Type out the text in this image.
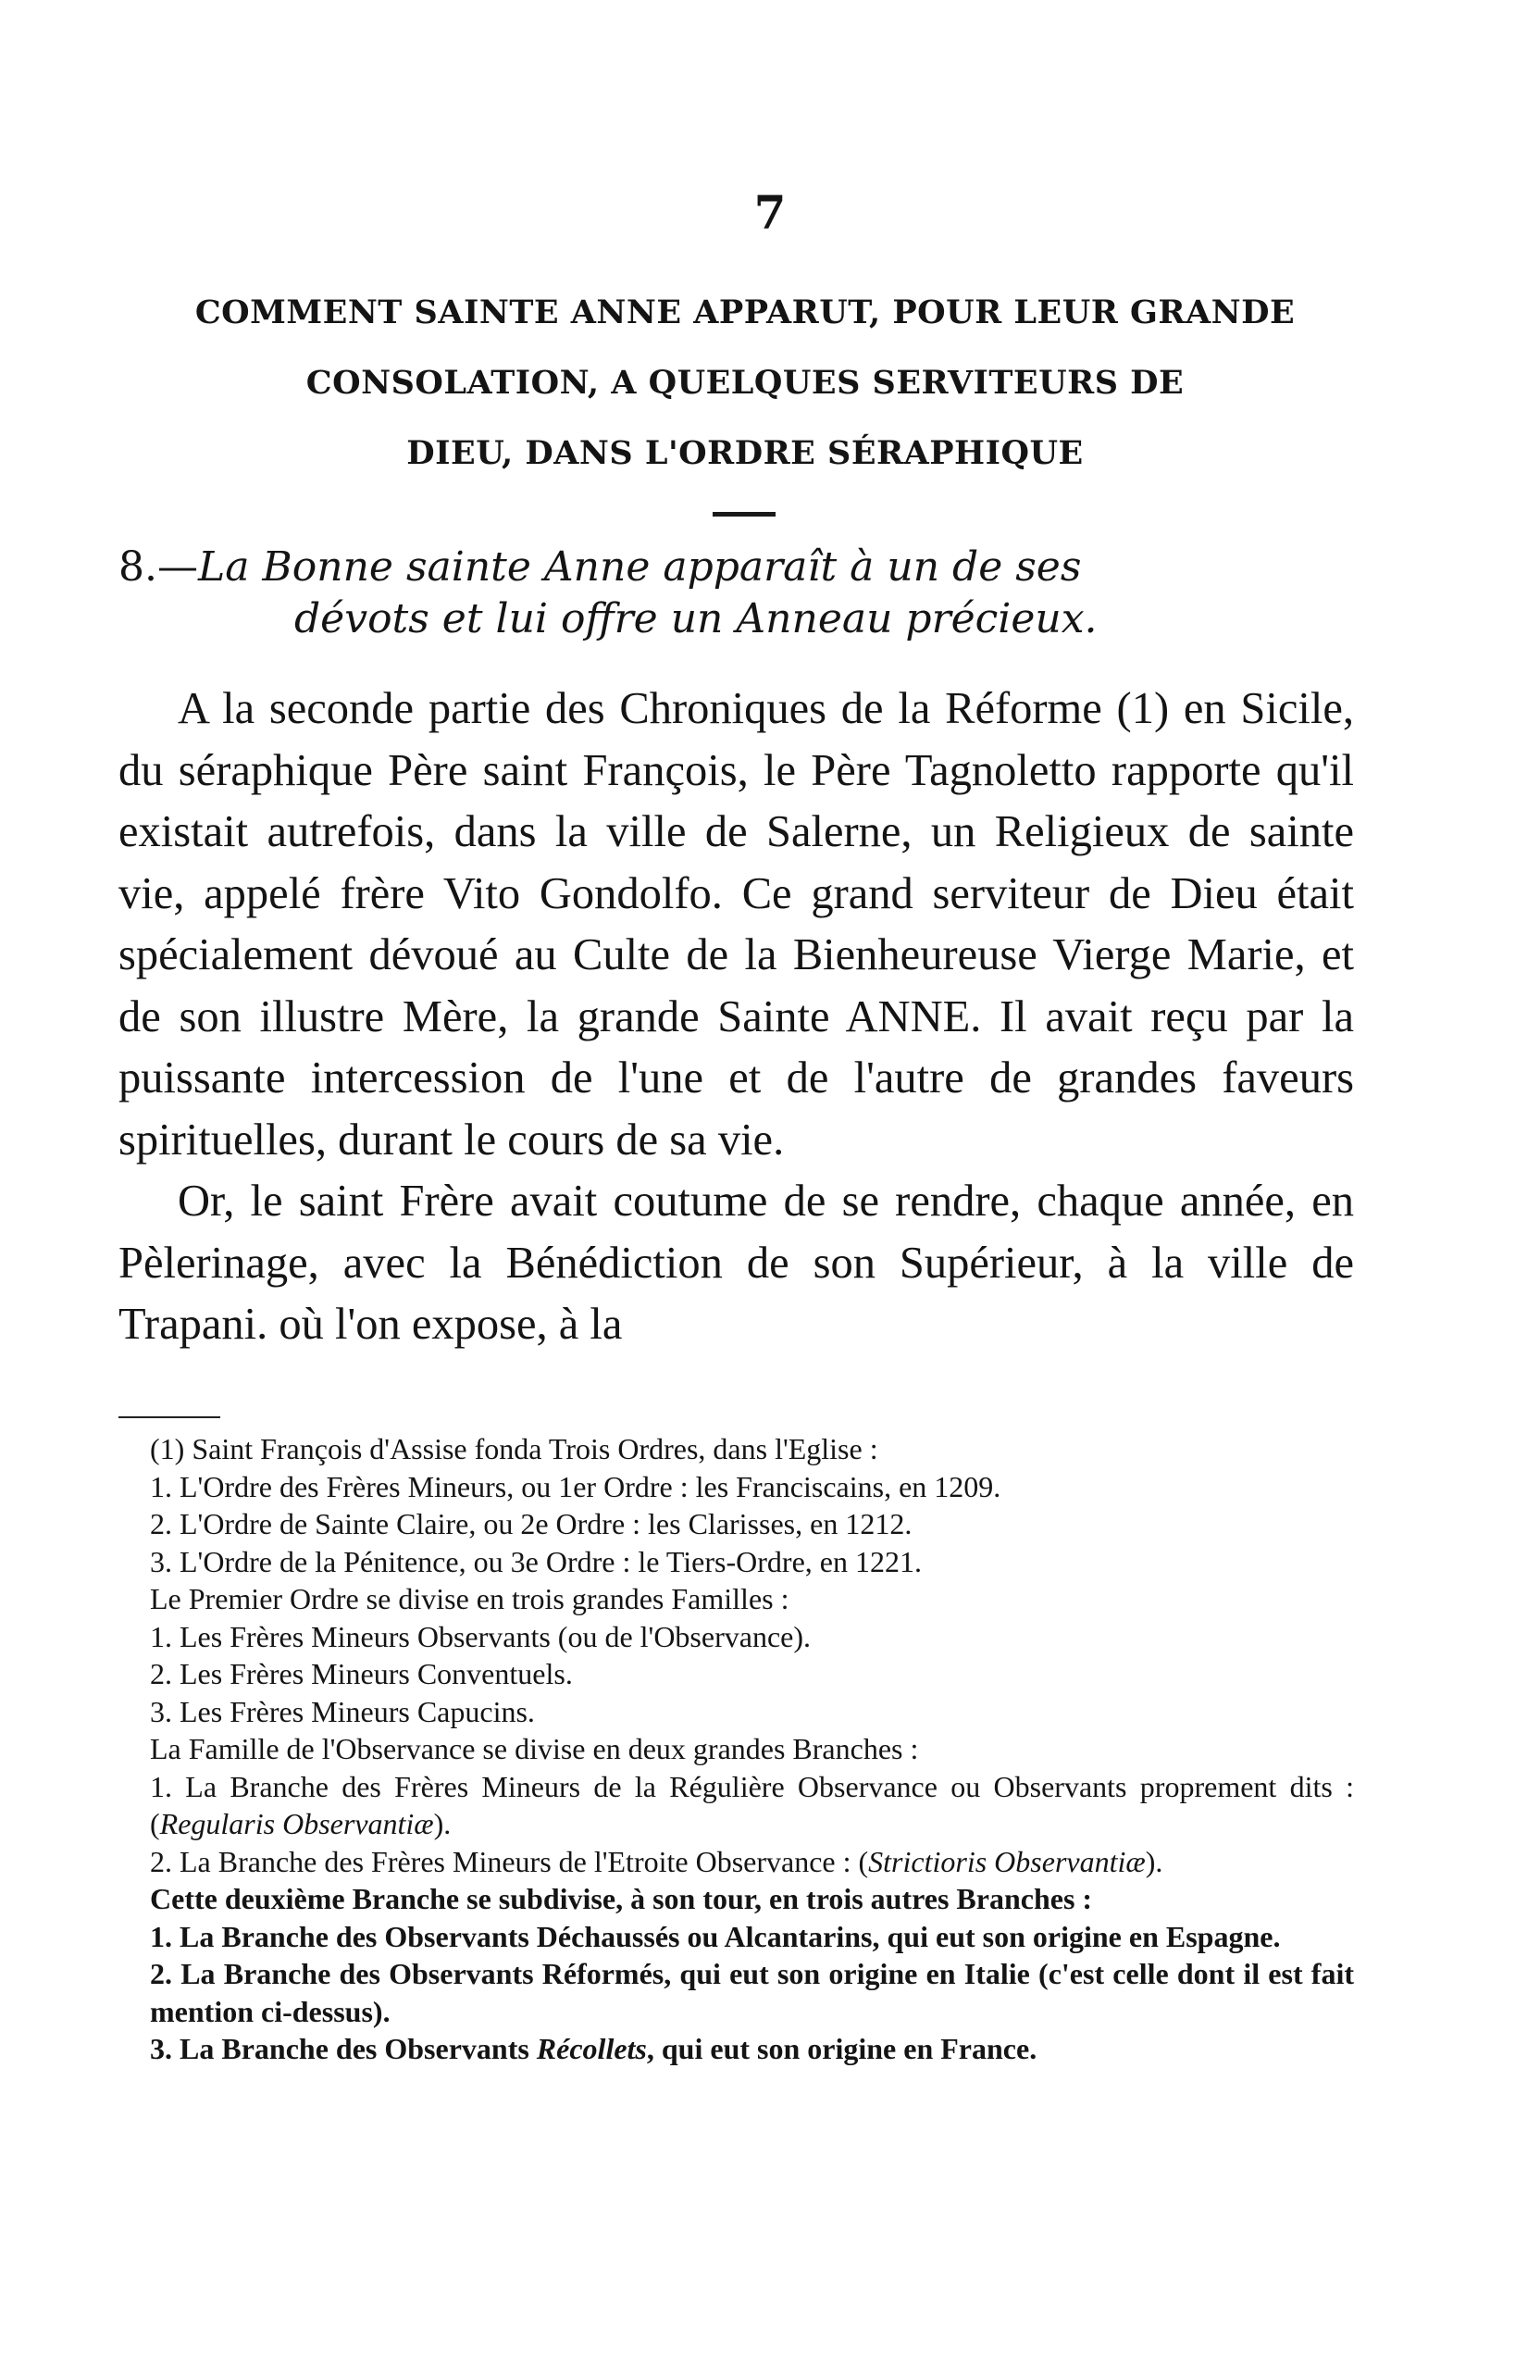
7
COMMENT SAINTE ANNE APPARUT, POUR LEUR GRANDE
CONSOLATION, A QUELQUES SERVITEURS DE
DIEU, DANS L'ORDRE SÉRAPHIQUE
8.—La Bonne sainte Anne apparaît à un de ses
dévots et lui offre un Anneau précieux.

A la seconde partie des Chroniques de la Réforme (1) en Sicile, du séraphique Père saint François, le Père Tagnoletto rapporte qu'il existait autrefois, dans la ville de Salerne, un Religieux de sainte vie, appelé frère Vito Gondolfo. Ce grand serviteur de Dieu était spécialement dévoué au Culte de la Bienheureuse Vierge Marie, et de son illustre Mère, la grande Sainte ANNE. Il avait reçu par la puissante intercession de l'une et de l'autre de grandes faveurs spirituelles, durant le cours de sa vie.

Or, le saint Frère avait coutume de se rendre, chaque année, en Pèlerinage, avec la Bénédiction de son Supérieur, à la ville de Trapani. où l'on expose, à la

(1) Saint François d'Assise fonda Trois Ordres, dans l'Eglise :

1. L'Ordre des Frères Mineurs, ou 1er Ordre : les Franciscains, en 1209.

2. L'Ordre de Sainte Claire, ou 2e Ordre : les Clarisses, en 1212.

3. L'Ordre de la Pénitence, ou 3e Ordre : le Tiers-Ordre, en 1221.

Le Premier Ordre se divise en trois grandes Familles :

1. Les Frères Mineurs Observants (ou de l'Observance).

2. Les Frères Mineurs Conventuels.

3. Les Frères Mineurs Capucins.

La Famille de l'Observance se divise en deux grandes Branches :

1. La Branche des Frères Mineurs de la Régulière Observance ou Observants proprement dits : (Regularis Observantiæ).

2. La Branche des Frères Mineurs de l'Etroite Observance : (Strictioris Observantiæ).

Cette deuxième Branche se subdivise, à son tour, en trois autres Branches :

1. La Branche des Observants Déchaussés ou Alcantarins, qui eut son origine en Espagne.

2. La Branche des Observants Réformés, qui eut son origine en Italie (c'est celle dont il est fait mention ci-dessus).

3. La Branche des Observants Récollets, qui eut son origine en France.
